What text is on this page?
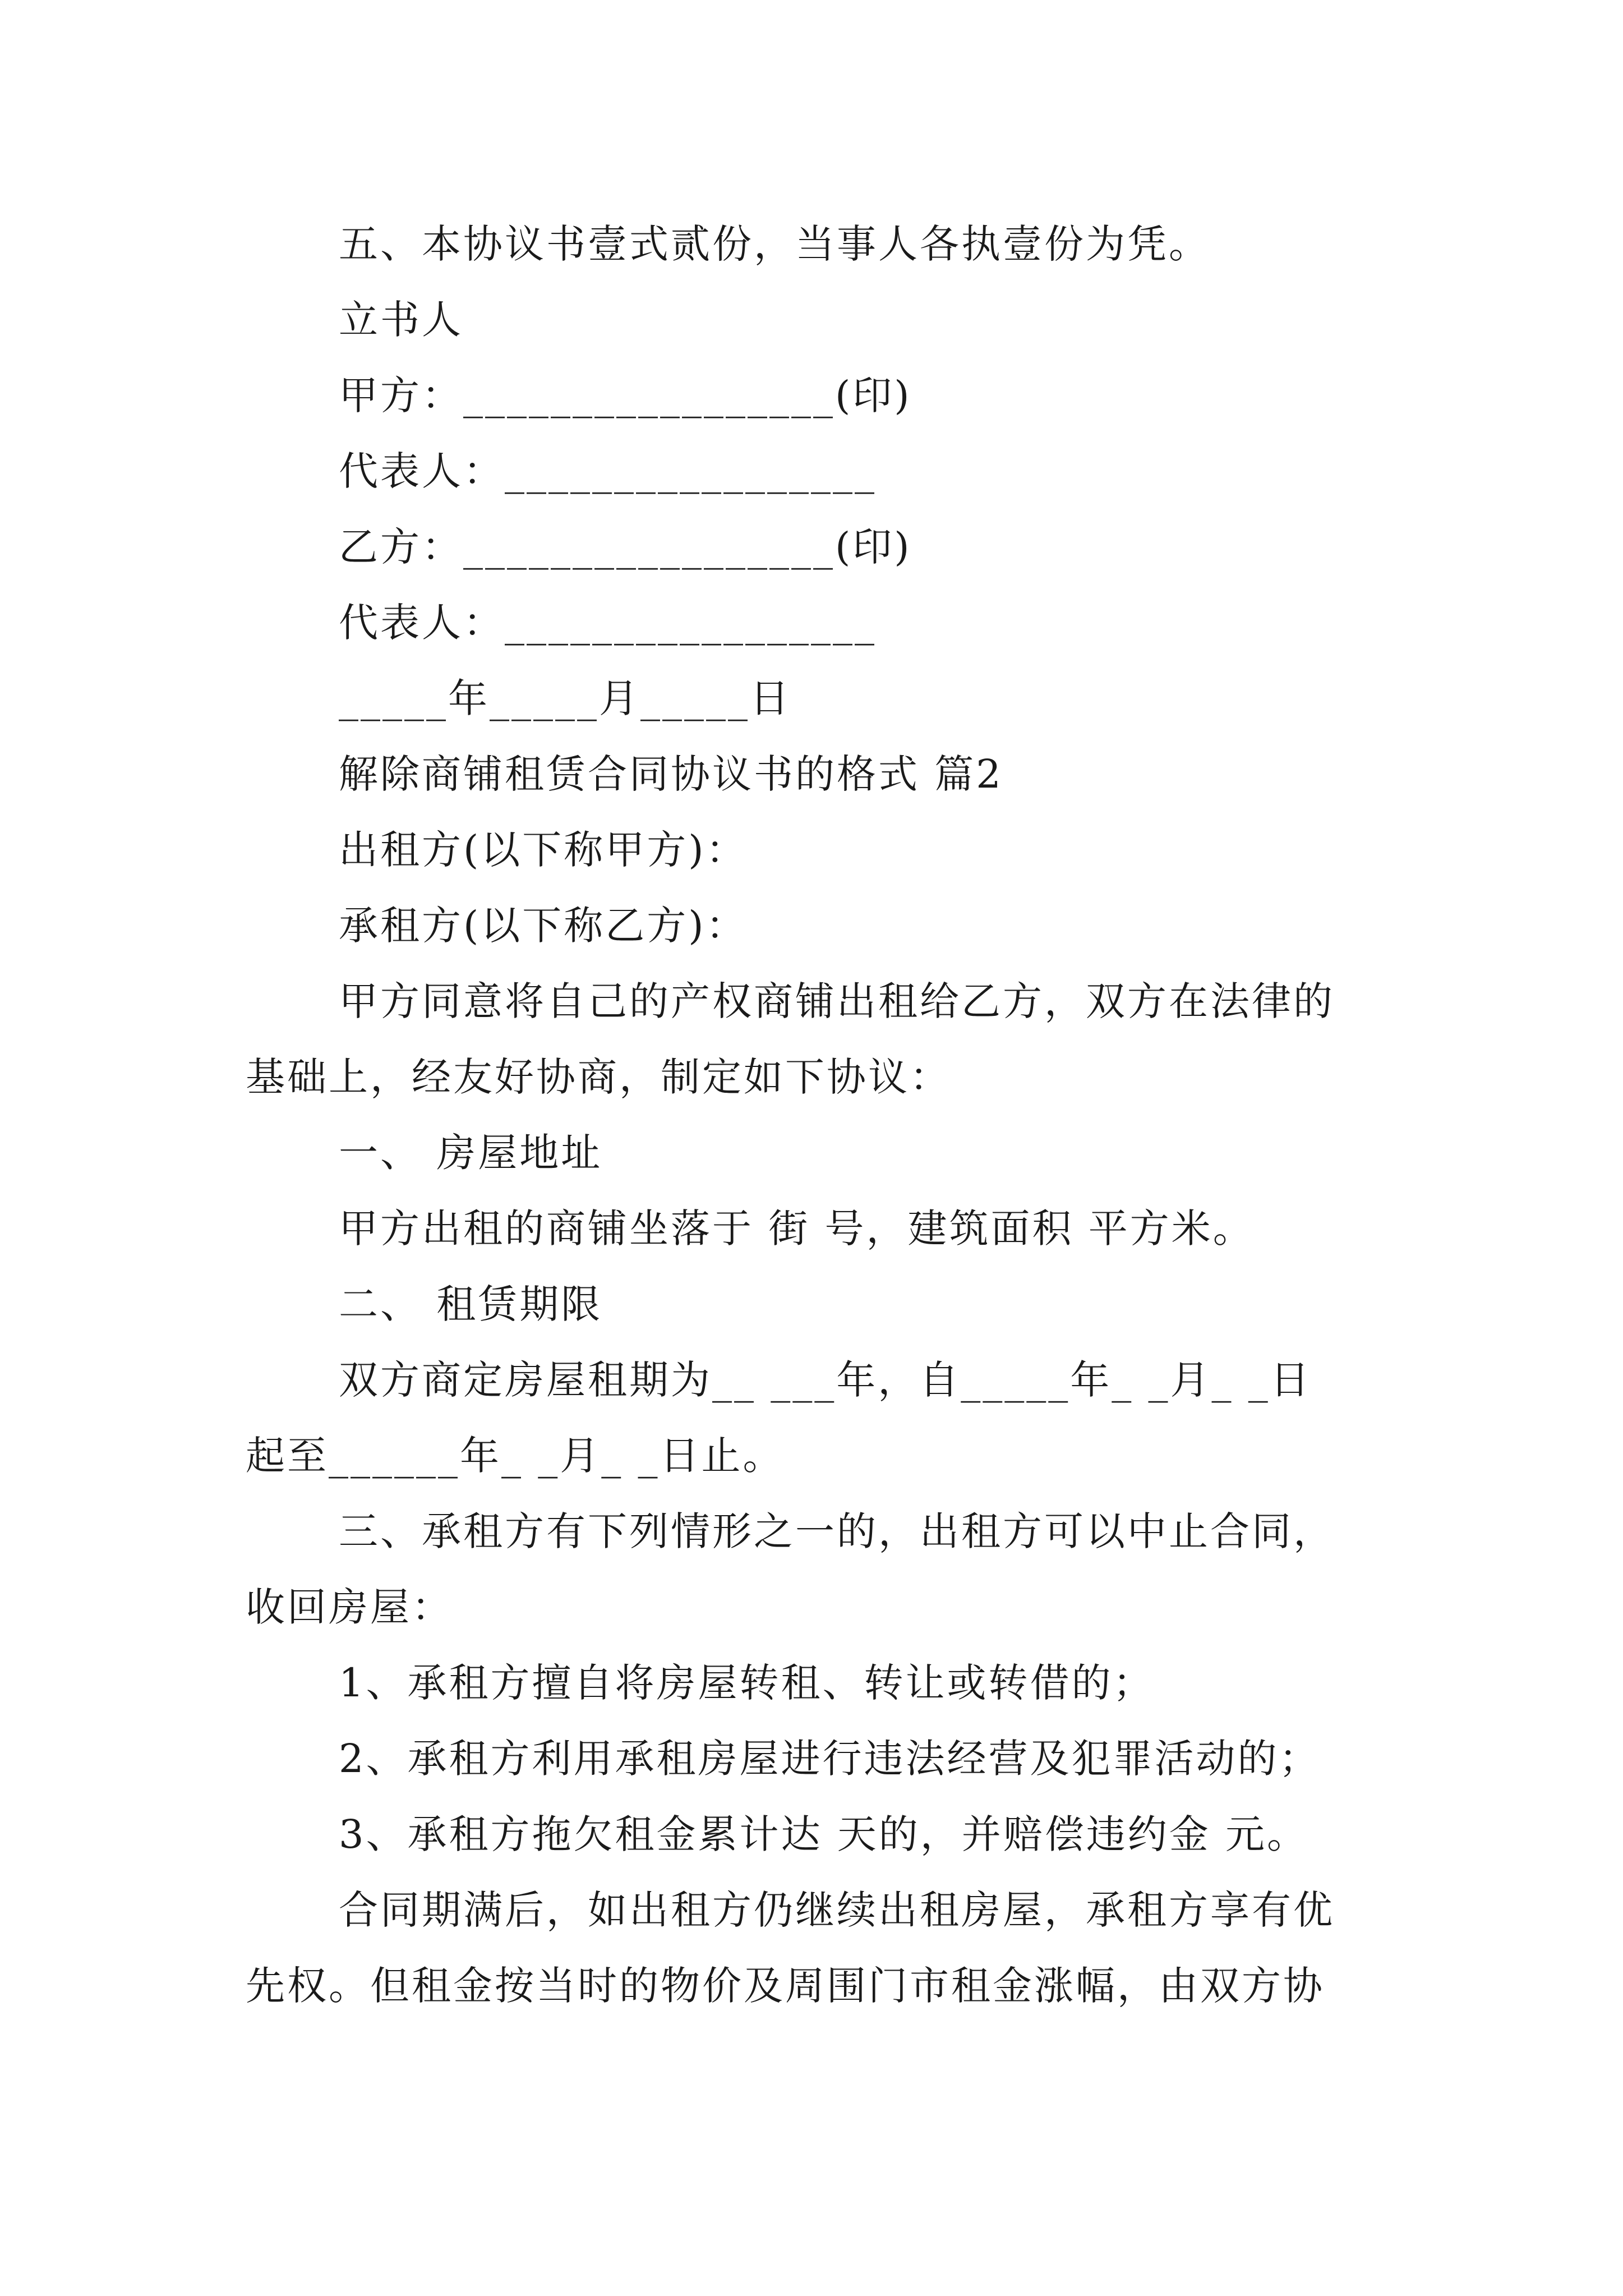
五、本协议书壹式贰份，当事人各执壹份为凭。
立书人
甲方：_________________(印)
代表人：_________________
乙方：_________________(印)
代表人：_________________
_____年_____月_____日
解除商铺租赁合同协议书的格式 篇2
出租方(以下称甲方)：
承租方(以下称乙方)：
甲方同意将自己的产权商铺出租给乙方，双方在法律的
基础上，经友好协商，制定如下协议：
一、 房屋地址
甲方出租的商铺坐落于 街 号，建筑面积 平方米。
二、 租赁期限
双方商定房屋租期为__ ___年，自_____年_ _月_ _日
起至______年_ _月_ _日止。
三、承租方有下列情形之一的，出租方可以中止合同，
收回房屋：
1、承租方擅自将房屋转租、转让或转借的；
2、承租方利用承租房屋进行违法经营及犯罪活动的；
3、承租方拖欠租金累计达 天的，并赔偿违约金 元。
合同期满后，如出租方仍继续出租房屋，承租方享有优
先权。但租金按当时的物价及周围门市租金涨幅，由双方协
